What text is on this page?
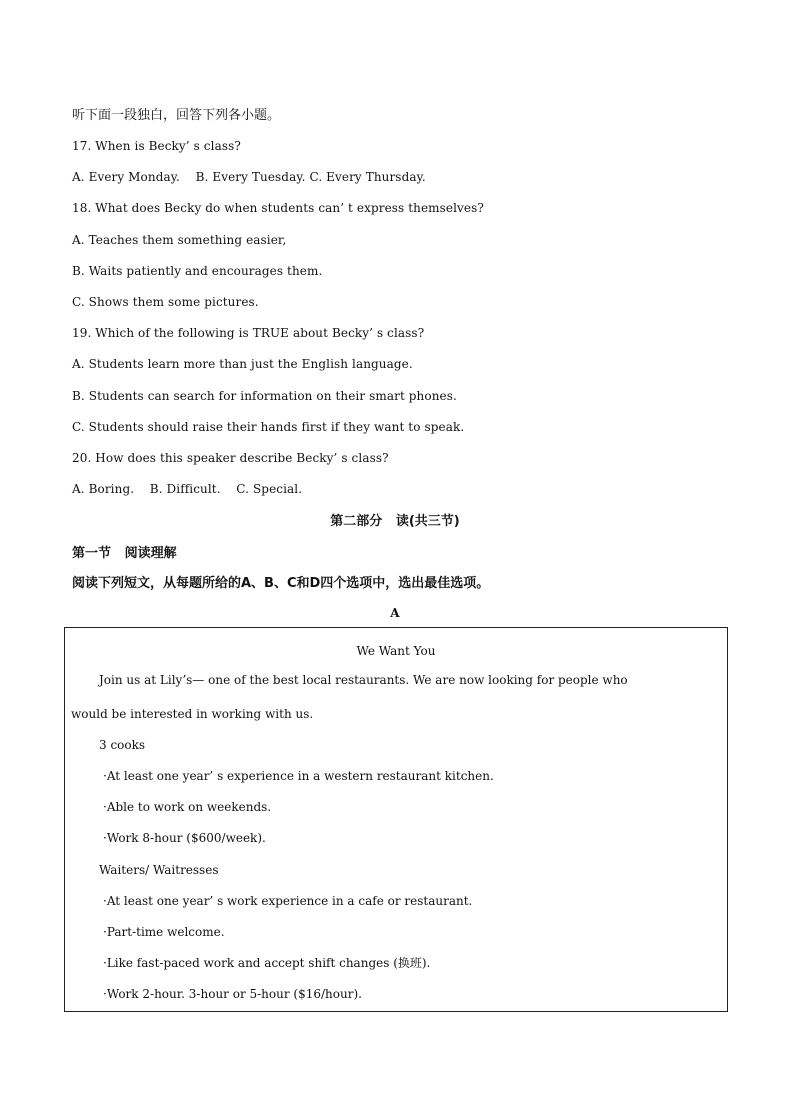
听下面一段独白，回答下列各小题。
17. When is Becky’ s class?
A. Every Monday.    B. Every Tuesday. C. Every Thursday.
18. What does Becky do when students can’ t express themselves?
A. Teaches them something easier,
B. Waits patiently and encourages them.
C. Shows them some pictures.
19. Which of the following is TRUE about Becky’ s class?
A. Students learn more than just the English language.
B. Students can search for information on their smart phones.
C. Students should raise their hands first if they want to speak.
20. How does this speaker describe Becky’ s class?
A. Boring.    B. Difficult.    C. Special.
第二部分   读(共三节)
第一节   阅读理解
阅读下列短文，从每题所给的A、B、C和D四个选项中，选出最佳选项。
A
We Want You
Join us at Lily’s— one of the best local restaurants. We are now looking for people who
would be interested in working with us.
3 cooks
·At least one year’ s experience in a western restaurant kitchen.
·Able to work on weekends.
·Work 8-hour ($600/week).
Waiters/ Waitresses
·At least one year’ s work experience in a cafe or restaurant.
·Part-time welcome.
·Like fast-paced work and accept shift changes (换班).
·Work 2-hour. 3-hour or 5-hour ($16/hour).
